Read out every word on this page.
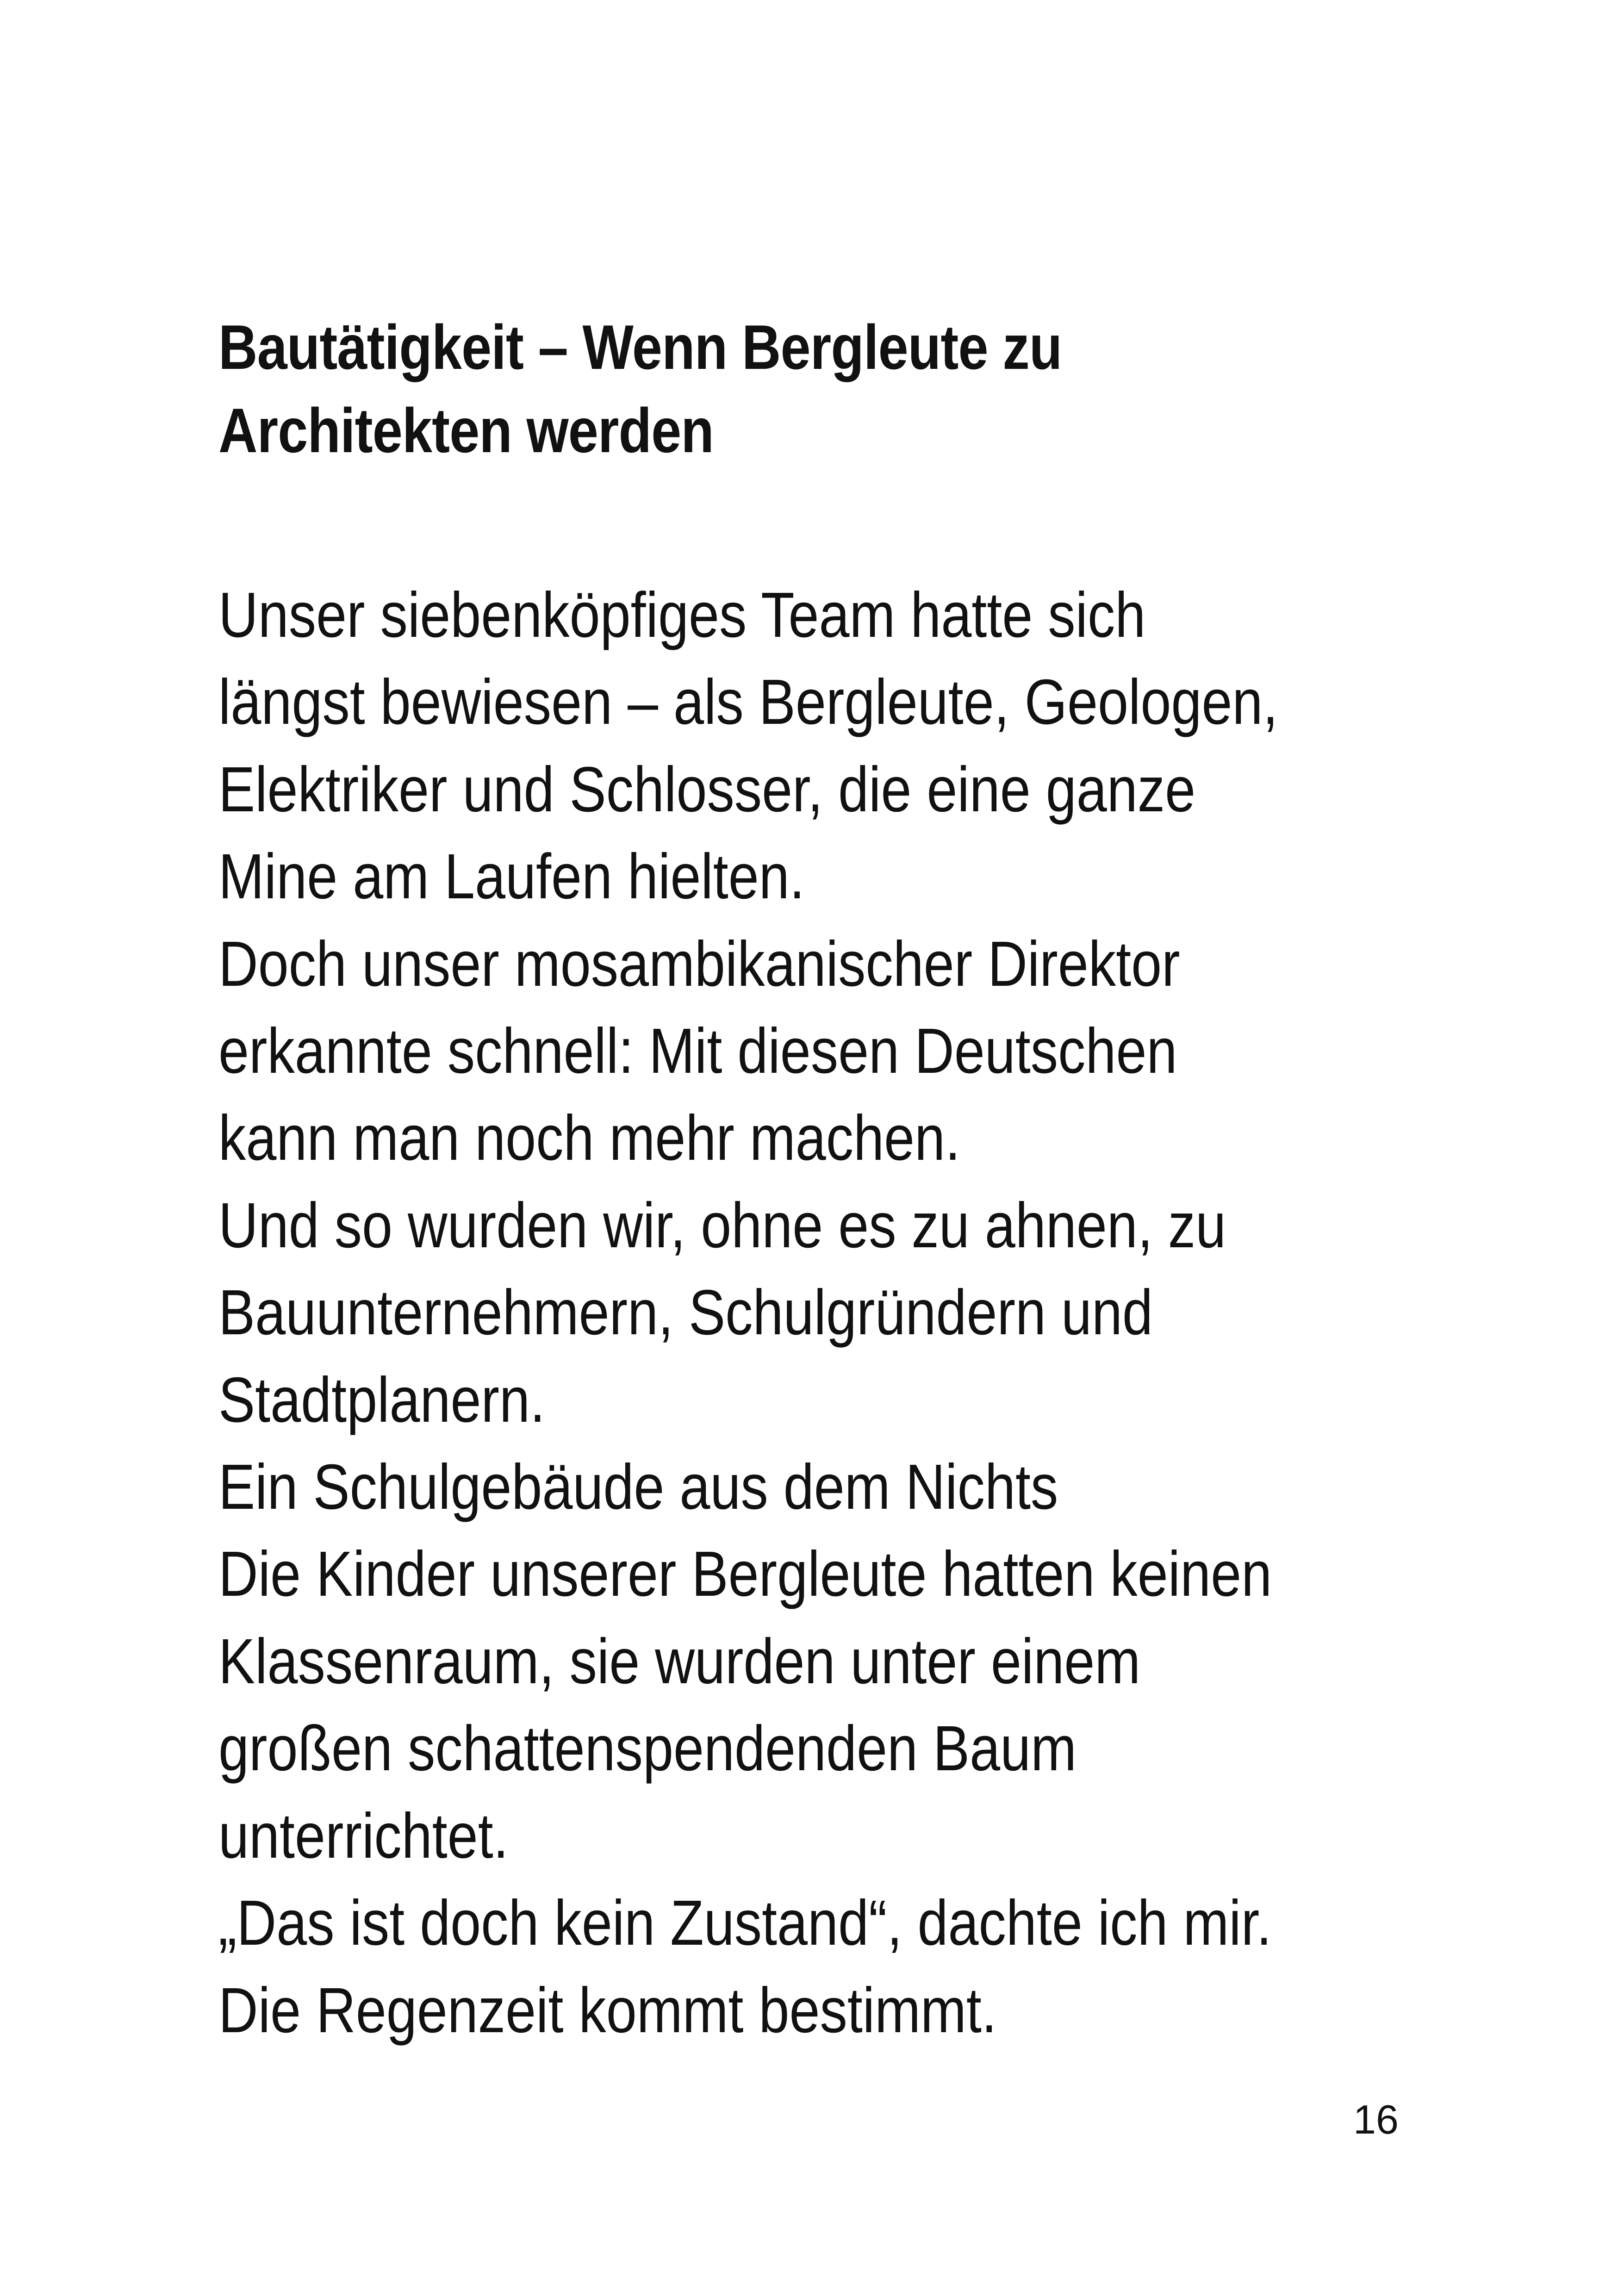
Bautätigkeit – Wenn Bergleute zu
Architekten werden
Unser siebenköpfiges Team hatte sich
längst bewiesen – als Bergleute, Geologen,
Elektriker und Schlosser, die eine ganze
Mine am Laufen hielten.
Doch unser mosambikanischer Direktor
erkannte schnell: Mit diesen Deutschen
kann man noch mehr machen.
Und so wurden wir, ohne es zu ahnen, zu
Bauunternehmern, Schulgründern und
Stadtplanern.
Ein Schulgebäude aus dem Nichts
Die Kinder unserer Bergleute hatten keinen
Klassenraum, sie wurden unter einem
großen schattenspendenden Baum
unterrichtet.
„Das ist doch kein Zustand“, dachte ich mir.
Die Regenzeit kommt bestimmt.
16
